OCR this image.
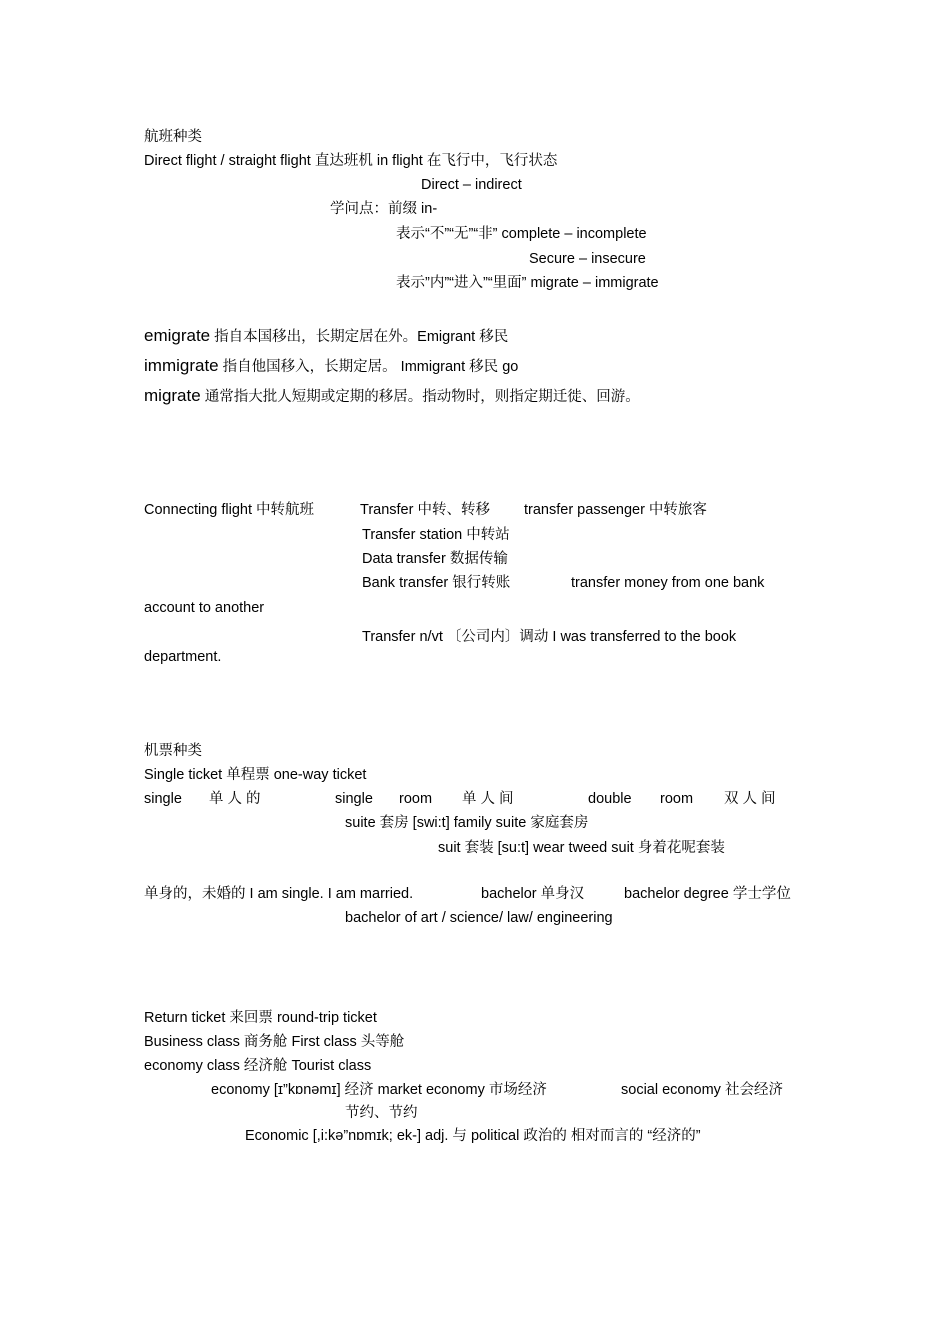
航班种类
Direct flight / straight flight 直达班机 in flight 在飞行中，飞行状态
Direct – indirect
学问点：前缀 in-
表示“不”“无”“非” complete – incomplete
Secure – insecure
表示”内”“进入”“里面” migrate – immigrate
emigrate 指自本国移出，长期定居在外。Emigrant 移民
immigrate 指自他国移入，长期定居。 Immigrant 移民 go
migrate 通常指大批人短期或定期的移居。指动物时，则指定期迁徙、回游。
Connecting flight 中转航班	Transfer 中转、转移 transfer passenger 中转旅客
Transfer station 中转站
Data transfer 数据传输
Bank transfer 银行转账	transfer money from one bank
account to another
Transfer n/vt 〔公司内〕调动 I was transferred to the book
department.
机票种类
Single ticket 单程票 one-way ticket
single 单 人 的	single room 单 人 间	double room 双 人 间
suite 套房 [swi:t] family suite 家庭套房
suit 套装 [su:t] wear tweed suit 身着花呢套装
单身的，未婚的 I am single. I am married.	bachelor 单身汉	bachelor degree 学士学位
bachelor of art / science/ law/ engineering
Return ticket 来回票 round-trip ticket
Business class 商务舱 First class 头等舱
economy class 经济舱 Tourist class
economy [ɪ”kɒnəmɪ] 经济 market economy 市场经济	social economy 社会经济
节约、节约
Economic [,i:kə”nɒmɪk; ek-] adj. 与 political 政治的 相对而言的 “经济的”
